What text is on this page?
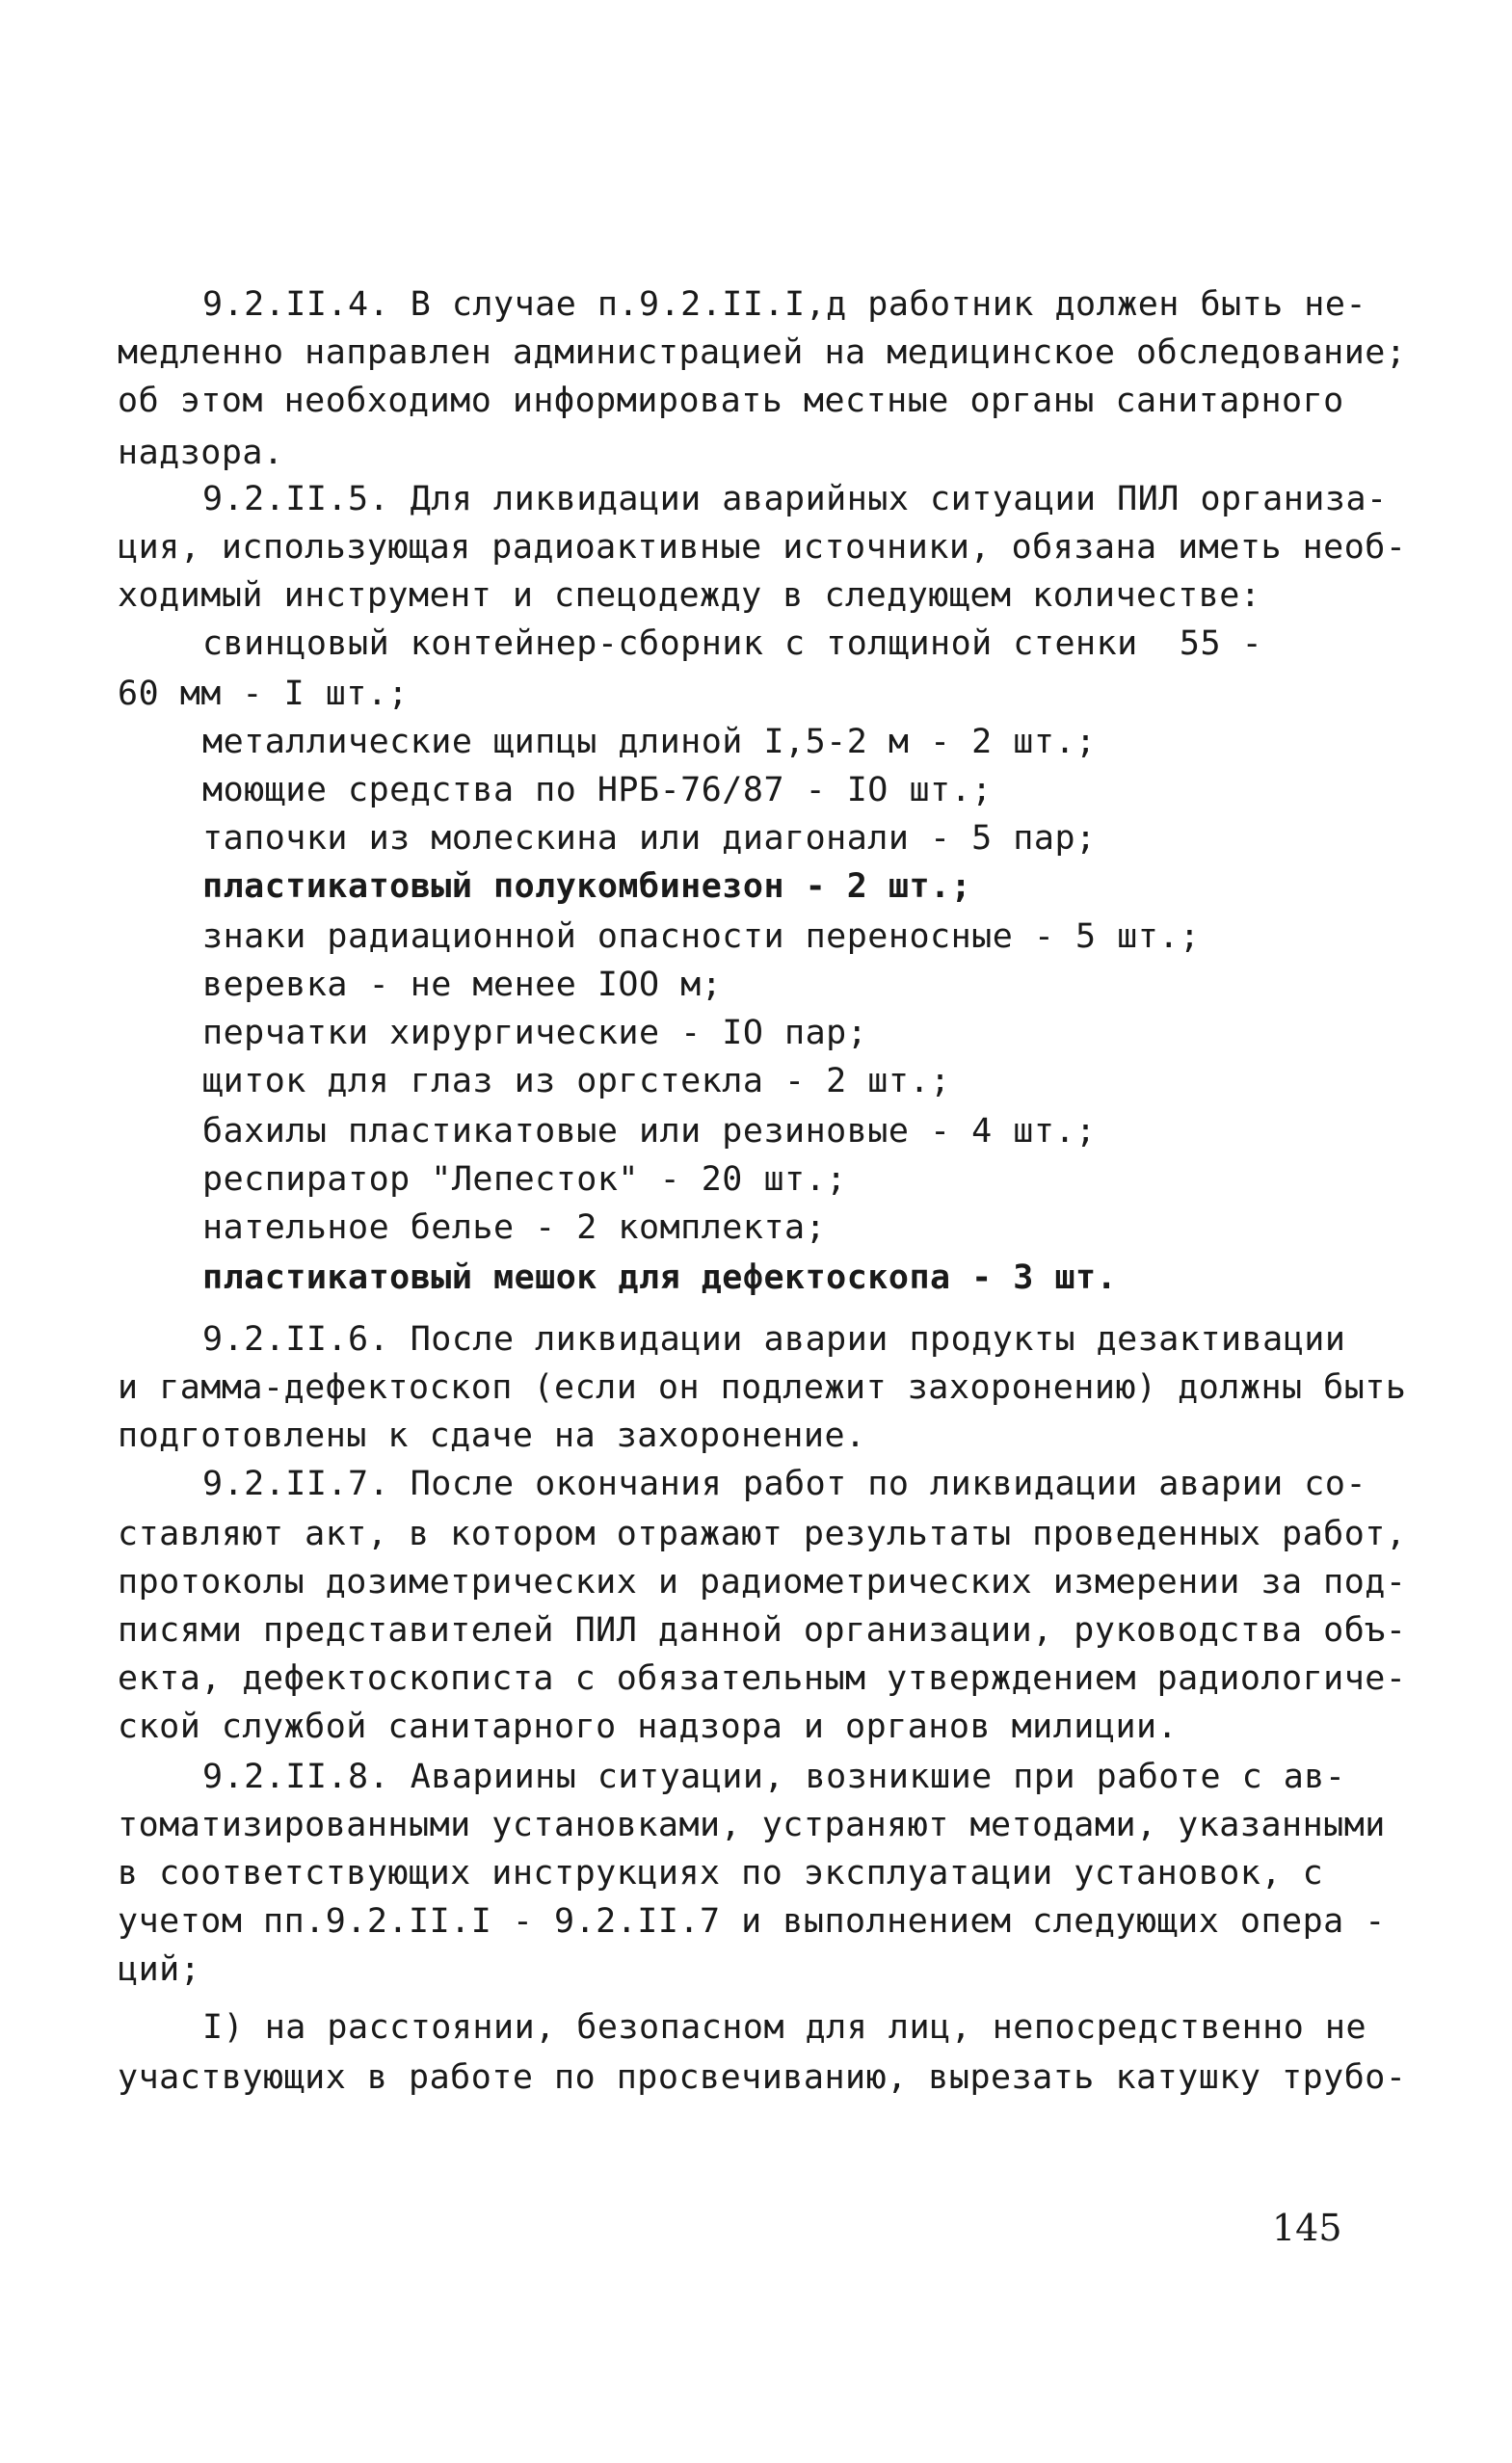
9.2.II.4. В случае п.9.2.II.I,д работник должен быть не-
медленно направлен администрацией на медицинское обследование;
об этом необходимо информировать местные органы санитарного
надзора.
9.2.II.5. Для ликвидации аварийных ситуации ПИЛ организа-
ция, использующая радиоактивные источники, обязана иметь необ-
ходимый инструмент и спецодежду в следующем количестве:
свинцовый контейнер-сборник с толщиной стенки  55 -
60 мм - I шт.;
металлические щипцы длиной I,5-2 м - 2 шт.;
моющие средства по НРБ-76/87 - IO шт.;
тапочки из молескина или диагонали - 5 пар;
пластикатовый полукомбинезон - 2 шт.;
знаки радиационной опасности переносные - 5 шт.;
веревка - не менее IOO м;
перчатки хирургические - IO пар;
щиток для глаз из оргстекла - 2 шт.;
бахилы пластикатовые или резиновые - 4 шт.;
респиратор "Лепесток" - 20 шт.;
нательное белье - 2 комплекта;
пластикатовый мешок для дефектоскопа - 3 шт.
9.2.II.6. После ликвидации аварии продукты дезактивации
и гамма-дефектоскоп (если он подлежит захоронению) должны быть
подготовлены к сдаче на захоронение.
9.2.II.7. После окончания работ по ликвидации аварии со-
ставляют акт, в котором отражают результаты проведенных работ,
протоколы дозиметрических и радиометрических измерении за под-
писями представителей ПИЛ данной организации, руководства объ-
екта, дефектоскописта с обязательным утверждением радиологиче-
ской службой санитарного надзора и органов милиции.
9.2.II.8. Авариины ситуации, возникшие при работе с ав-
томатизированными установками, устраняют методами, указанными
в соответствующих инструкциях по эксплуатации установок, с
учетом пп.9.2.II.I - 9.2.II.7 и выполнением следующих опера -
ций;
I) на расстоянии, безопасном для лиц, непосредственно не
участвующих в работе по просвечиванию, вырезать катушку трубо-
145
